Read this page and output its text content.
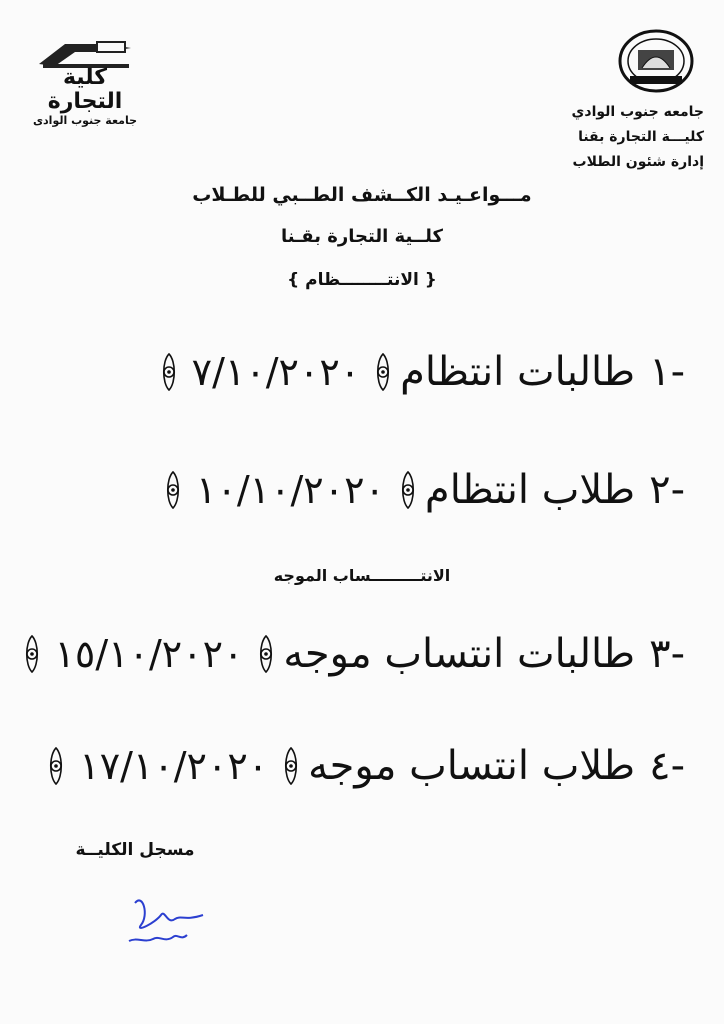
جامعه جنوب الوادي
كليـــة التجارة بقنا
إدارة شئون الطلاب
كلية التجارة
جامعة جنوب الوادى
مـــواعـيـد الكــشف الطــبي للطـلاب
كلــية التجارة بقـنا
{ الانتــــــــظام }
١-
طالبات انتظام
٧/١٠/٢٠٢٠
٢-
طلاب انتظام
١٠/١٠/٢٠٢٠
الانتـــــــــساب الموجه
٣-
طالبات انتساب موجه
١٥/١٠/٢٠٢٠
٤-
طلاب انتساب موجه
١٧/١٠/٢٠٢٠
مسجل الكليــة
